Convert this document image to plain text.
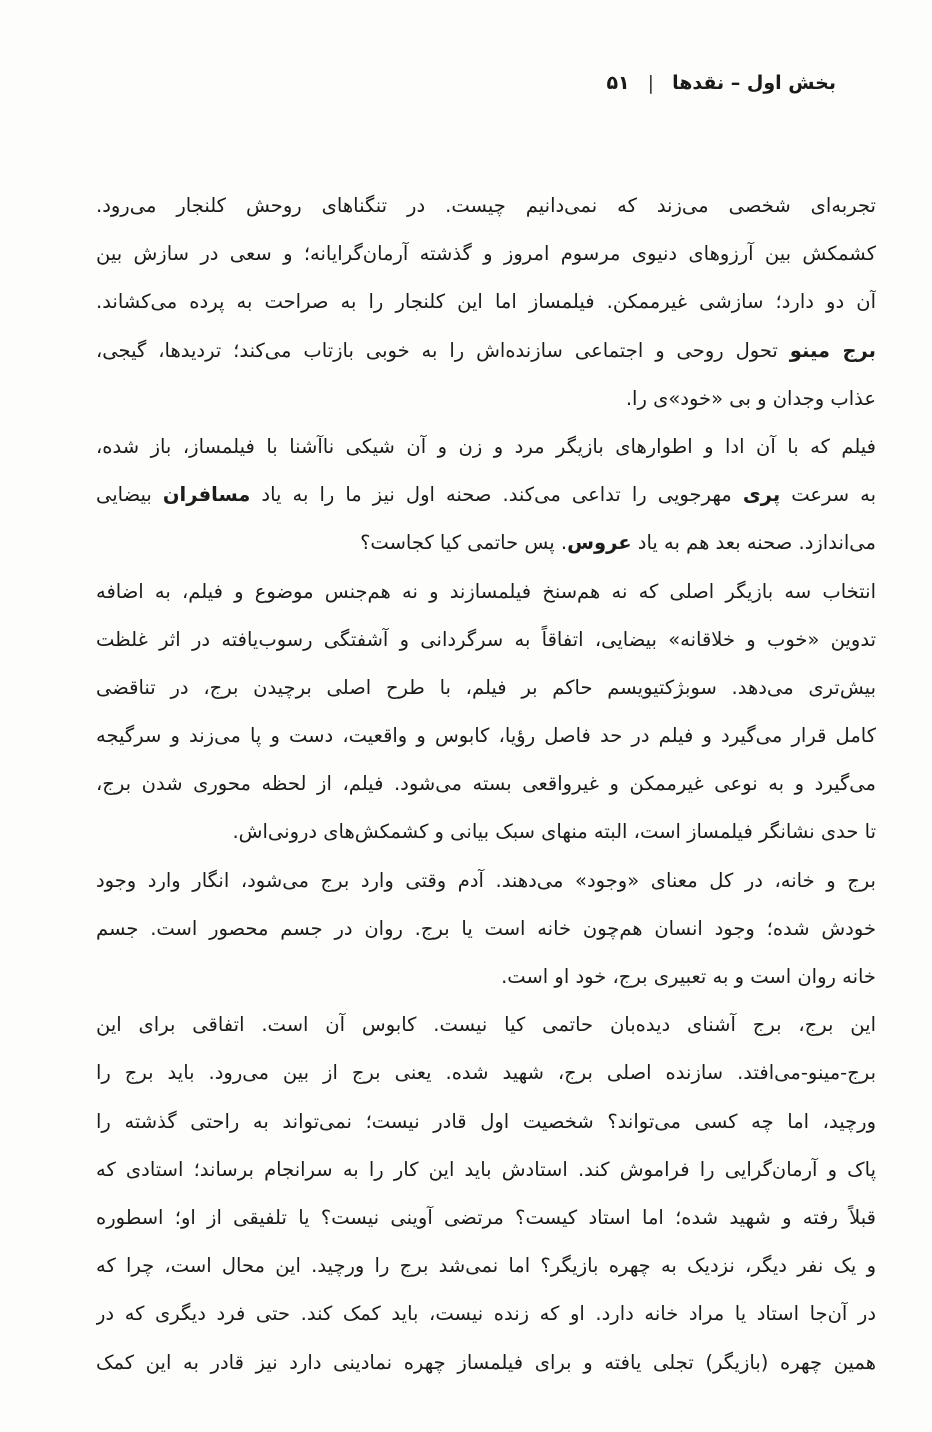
بخش اول – نقدها
|
۵۱
تجربه‌ای شخصی می‌زند که نمی‌دانیم چیست. در تنگناهای روحش کلنجار می‌رود.
کشمکش بین آرزوهای دنیوی مرسوم امروز و گذشته آرمان‌گرایانه؛ و سعی در سازش بین
آن دو دارد؛ سازشی غیرممکن. فیلمساز اما این کلنجار را به صراحت به پرده می‌کشاند.
برج مینو تحول روحی و اجتماعی سازنده‌اش را به خوبی بازتاب می‌کند؛ تردیدها، گیجی،
عذاب وجدان و بی «خود»ی را.
فیلم که با آن ادا و اطوارهای بازیگر مرد و زن و آن شیکی ناآشنا با فیلمساز، باز شده،
به سرعت پری مهرجویی را تداعی می‌کند. صحنه اول نیز ما را به یاد مسافران بیضایی
می‌اندازد. صحنه بعد هم به یاد عروس. پس حاتمی کیا کجاست؟
انتخاب سه بازیگر اصلی که نه هم‌سنخ فیلمسازند و نه هم‌جنس موضوع و فیلم، به اضافه
تدوین «خوب و خلاقانه» بیضایی، اتفاقاً به سرگردانی و آشفتگی رسوب‌یافته در اثر غلظت
بیش‌تری می‌دهد. سوبژکتیویسم حاکم بر فیلم، با طرح اصلی برچیدن برج، در تناقضی
کامل قرار می‌گیرد و فیلم در حد فاصل رؤیا، کابوس و واقعیت، دست و پا می‌زند و سرگیجه
می‌گیرد و به نوعی غیرممکن و غیرواقعی بسته می‌شود. فیلم، از لحظه محوری شدن برج،
تا حدی نشانگر فیلمساز است، البته منهای سبک بیانی و کشمکش‌های درونی‌اش.
برج و خانه، در کل معنای «وجود» می‌دهند. آدم وقتی وارد برج می‌شود، انگار وارد وجود
خودش شده؛ وجود انسان هم‌چون خانه است یا برج. روان در جسم محصور است. جسم
خانه روان است و به تعبیری برج، خود او است.
این برج، برج آشنای دیده‌بان حاتمی کیا نیست. کابوس آن است. اتفاقی برای این
برج-مینو-می‌افتد. سازنده اصلی برج، شهید شده. یعنی برج از بین می‌رود. باید برج را
ورچید، اما چه کسی می‌تواند؟ شخصیت اول قادر نیست؛ نمی‌تواند به راحتی گذشته را
پاک و آرمان‌گرایی را فراموش کند. استادش باید این کار را به سرانجام برساند؛ استادی که
قبلاً رفته و شهید شده؛ اما استاد کیست؟ مرتضی آوینی نیست؟ یا تلفیقی از او؛ اسطوره
و یک نفر دیگر، نزدیک به چهره بازیگر؟ اما نمی‌شد برج را ورچید. این محال است، چرا که
در آن‌جا استاد یا مراد خانه دارد. او که زنده نیست، باید کمک کند. حتی فرد دیگری که در
همین چهره (بازیگر) تجلی یافته و برای فیلمساز چهره نمادینی دارد نیز قادر به این کمک
